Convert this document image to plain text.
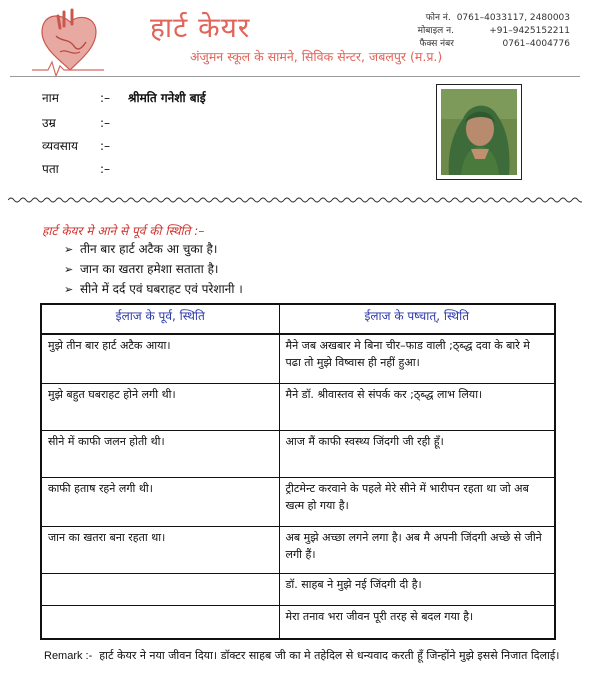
हार्ट केयर
अंजुमन स्कूल के सामने, सिविक सेन्टर, जबलपुर (म.प्र.)
फोन नं. 0761–4033117, 2480003
मोबाइल न.	+91–9425152211
फैक्स नंबर	0761–4004776
नाम	:– श्रीमति गनेशी बाई
उम्र	:–
व्यवसाय :–
पता	:–
हार्ट केयर मे आने से पूर्व की स्थिति :–
➢ तीन बार हार्ट अटैक आ चुका है।
➢ जान का खतरा हमेशा सताता है।
➢ सीने में दर्द एवं घबराहट एवं परेशानी ।
ईलाज के पूर्व, स्थिति	ईलाज के पष्चात्, स्थिति
मुझे तीन बार हार्ट अटैक आया।	मैने जब अखबार मे बिना चीर–फाड वाली ;ठ्ब्द्ध दवा के बारे मे पढा तो मुझे विष्वास ही नहीं हुआ।
मुझे बहुत घबराहट होने लगी थी।	मैने डॉ. श्रीवास्तव से संपर्क कर ;ठ्ब्द्ध लाभ लिया।
सीने में काफी जलन होती थी।	आज मैं काफी स्वस्थ्य जिंदगी जी रही हूँ।
काफी हताष रहने लगी थी।	ट्रीटमेन्ट करवाने के पहले मेरे सीने में भारीपन रहता था जो अब खत्म हो गया है।
जान का खतरा बना रहता था।	अब मुझे अच्छा लगने लगा है। अब मै अपनी जिंदगी अच्छे से जीने लगी हैं।
	डॉ. साहब ने मुझे नई जिंदगी दी है।
	मेरा तनाव भरा जीवन पूरी तरह से बदल गया है।
Remark :- हार्ट केयर ने नया जीवन दिया। डॉक्टर साहब जी का मे तहेदिल से धन्यवाद करती हूँ जिन्होंने मुझे इससे निजात दिलाई।
